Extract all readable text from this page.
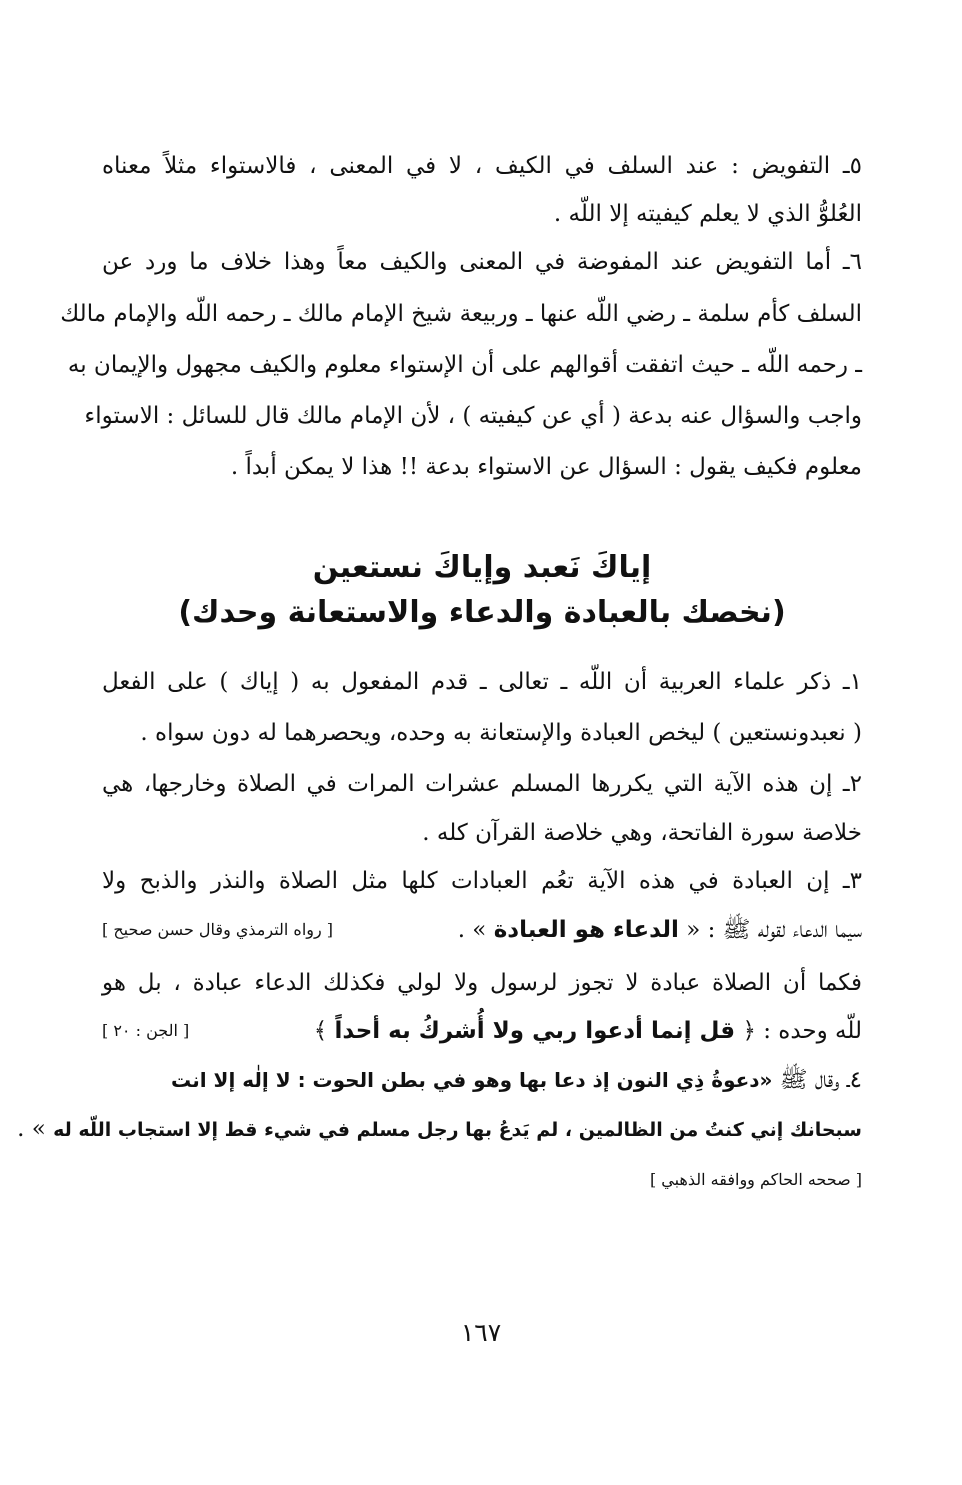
٥ـ التفويض : عند السلف في الكيف ، لا في المعنى ، فالاستواء مثلاً معناه
العُلوُّ الذي لا يعلم كيفيته إلا اللّه .
٦ـ أما التفويض عند المفوضة في المعنى والكيف معاً وهذا خلاف ما ورد عن
السلف كأم سلمة ـ رضي اللّه عنها ـ وربيعة شيخ الإمام مالك ـ رحمه اللّه والإمام مالك
ـ رحمه اللّه ـ حيث اتفقت أقوالهم على أن الإستواء معلوم والكيف مجهول والإيمان به
واجب والسؤال عنه بدعة ( أي عن كيفيته ) ، لأن الإمام مالك قال للسائل : الاستواء
معلوم فكيف يقول : السؤال عن الاستواء بدعة !! هذا لا يمكن أبداً .
إياكَ نَعبد وإياكَ نستعين
(نخصك بالعبادة والدعاء والاستعانة وحدك)
١ـ ذكر علماء العربية أن اللّه ـ تعالى ـ قدم المفعول به ( إياك ) على الفعل
( نعبدونستعين ) ليخص العبادة والإستعانة به وحده، ويحصرهما له دون سواه .
٢ـ إن هذه الآية التي يكررها المسلم عشرات المرات في الصلاة وخارجها، هي
خلاصة سورة الفاتحة، وهي خلاصة القرآن كله .
٣ـ إن العبادة في هذه الآية تعُم العبادات كلها مثل الصلاة والنذر والذبح ولا
سيما الدعاء لقوله ﷺ : « الدعاء هو العبادة » .
[ رواه الترمذي وقال حسن صحيح ]
فكما أن الصلاة عبادة لا تجوز لرسول ولا لولي فكذلك الدعاء عبادة ، بل هو
للّه وحده : ﴿ قل إنما أدعوا ربي ولا أُشركُ به أحداً ﴾
[ الجن : ٢٠ ]
٤ـ وقال ﷺ «دعوةُ ذِي النون إذ دعا بها وهو في بطن الحوت : لا إلٰه إلا انت
سبحانك إني كنتُ من الظالمين ، لم يَدعُ بها رجل مسلم في شيء قط إلا استجاب اللّه له » .
[ صححه الحاكم ووافقه الذهبي ]
١٦٧
